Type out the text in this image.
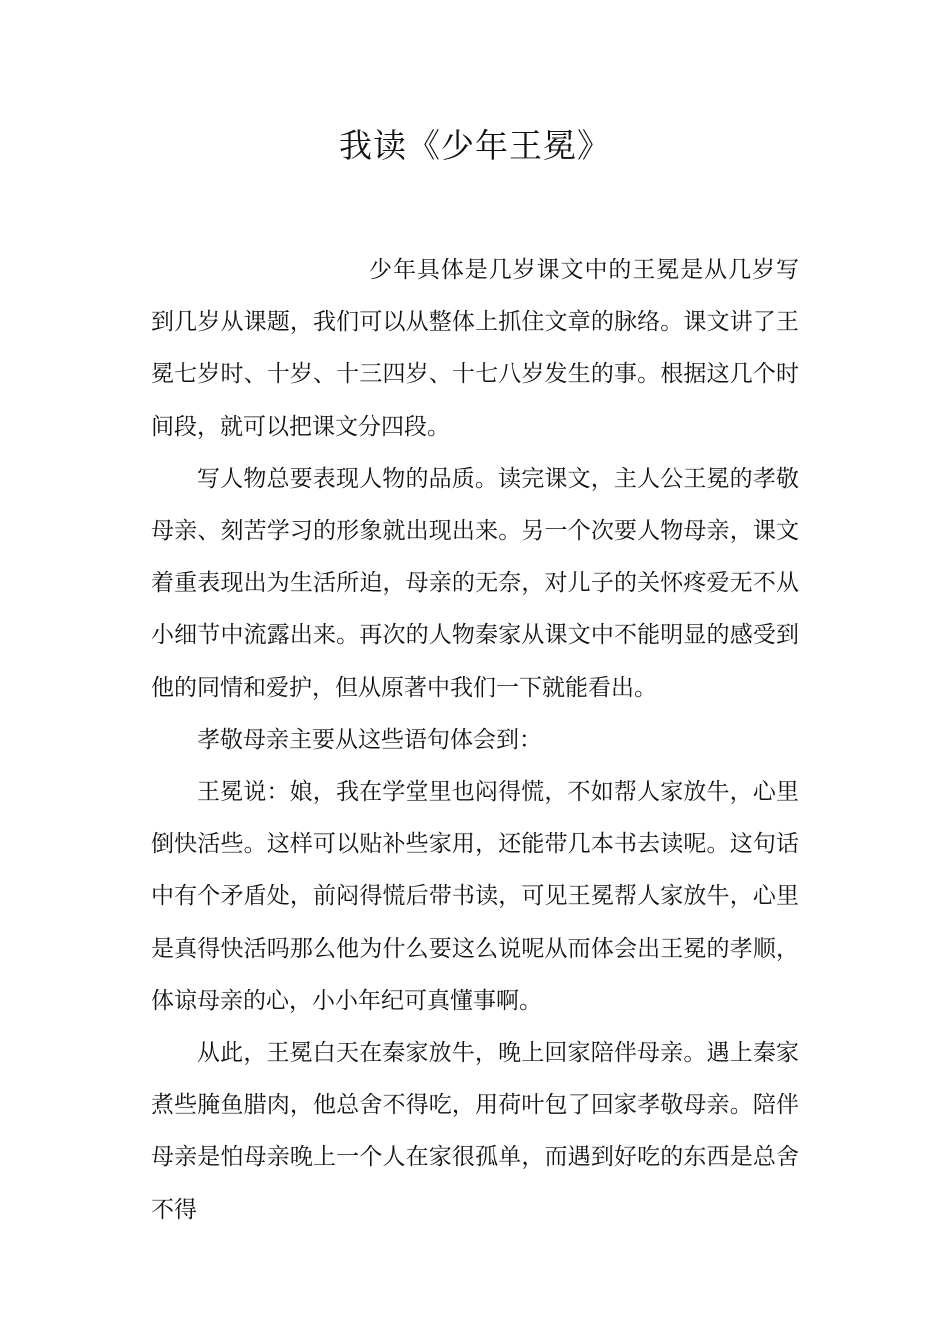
我读《少年王冕》

少年具体是几岁课文中的王冕是从几岁写到几岁从课题，我们可以从整体上抓住文章的脉络。课文讲了王冕七岁时、十岁、十三四岁、十七八岁发生的事。根据这几个时间段，就可以把课文分四段。

写人物总要表现人物的品质。读完课文，主人公王冕的孝敬母亲、刻苦学习的形象就出现出来。另一个次要人物母亲，课文着重表现出为生活所迫，母亲的无奈，对儿子的关怀疼爱无不从小细节中流露出来。再次的人物秦家从课文中不能明显的感受到他的同情和爱护，但从原著中我们一下就能看出。

孝敬母亲主要从这些语句体会到：

王冕说：娘，我在学堂里也闷得慌，不如帮人家放牛，心里倒快活些。这样可以贴补些家用，还能带几本书去读呢。这句话中有个矛盾处，前闷得慌后带书读，可见王冕帮人家放牛，心里是真得快活吗那么他为什么要这么说呢从而体会出王冕的孝顺，体谅母亲的心，小小年纪可真懂事啊。

从此，王冕白天在秦家放牛，晚上回家陪伴母亲。遇上秦家煮些腌鱼腊肉，他总舍不得吃，用荷叶包了回家孝敬母亲。陪伴母亲是怕母亲晚上一个人在家很孤单，而遇到好吃的东西是总舍不得
